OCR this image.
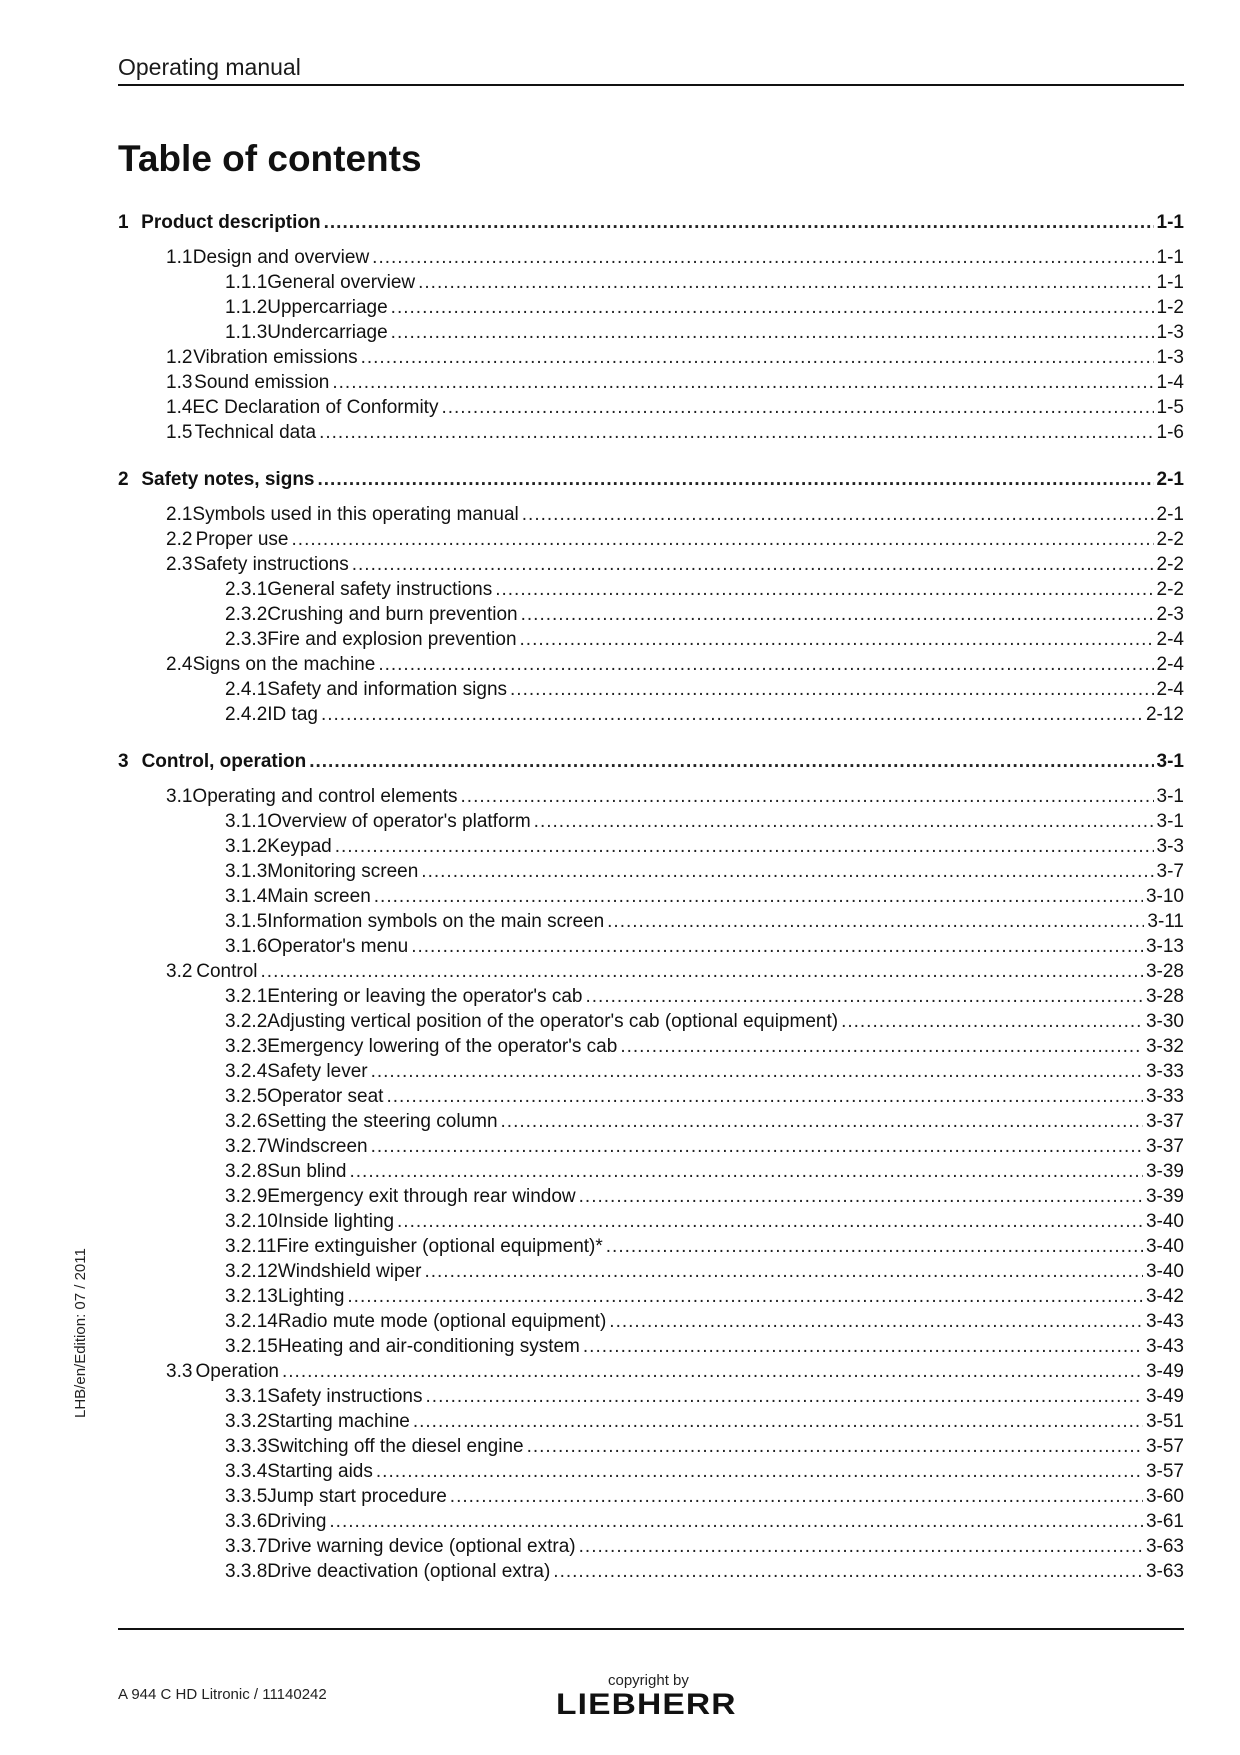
Operating manual
Table of contents
1 Product description .....	1-1
1.1 Design and overview .....	1-1
1.1.1 General overview .....	1-1
1.1.2 Uppercarriage .....	1-2
1.1.3 Undercarriage .....	1-3
1.2 Vibration emissions .....	1-3
1.3 Sound emission .....	1-4
1.4 EC Declaration of Conformity .....	1-5
1.5 Technical data .....	1-6
2 Safety notes, signs .....	2-1
2.1 Symbols used in this operating manual .....	2-1
2.2 Proper use .....	2-2
2.3 Safety instructions .....	2-2
2.3.1 General safety instructions .....	2-2
2.3.2 Crushing and burn prevention .....	2-3
2.3.3 Fire and explosion prevention .....	2-4
2.4 Signs on the machine .....	2-4
2.4.1 Safety and information signs .....	2-4
2.4.2 ID tag .....	2-12
3 Control, operation .....	3-1
3.1 Operating and control elements .....	3-1
3.1.1 Overview of operator's platform .....	3-1
3.1.2 Keypad .....	3-3
3.1.3 Monitoring screen .....	3-7
3.1.4 Main screen .....	3-10
3.1.5 Information symbols on the main screen .....	3-11
3.1.6 Operator's menu .....	3-13
3.2 Control .....	3-28
3.2.1 Entering or leaving the operator's cab .....	3-28
3.2.2 Adjusting vertical position of the operator's cab (optional equipment) .....	3-30
3.2.3 Emergency lowering of the operator's cab .....	3-32
3.2.4 Safety lever .....	3-33
3.2.5 Operator seat .....	3-33
3.2.6 Setting the steering column .....	3-37
3.2.7 Windscreen .....	3-37
3.2.8 Sun blind .....	3-39
3.2.9 Emergency exit through rear window .....	3-39
3.2.10 Inside lighting .....	3-40
3.2.11 Fire extinguisher (optional equipment)* .....	3-40
3.2.12 Windshield wiper .....	3-40
3.2.13 Lighting .....	3-42
3.2.14 Radio mute mode (optional equipment) .....	3-43
3.2.15 Heating and air-conditioning system .....	3-43
3.3 Operation .....	3-49
3.3.1 Safety instructions .....	3-49
3.3.2 Starting machine .....	3-51
3.3.3 Switching off the diesel engine .....	3-57
3.3.4 Starting aids .....	3-57
3.3.5 Jump start procedure .....	3-60
3.3.6 Driving .....	3-61
3.3.7 Drive warning device (optional extra) .....	3-63
3.3.8 Drive deactivation (optional extra) .....	3-63
LHB/en/Edition: 07 / 2011
A 944 C HD Litronic / 11140242
copyright by
LIEBHERR
